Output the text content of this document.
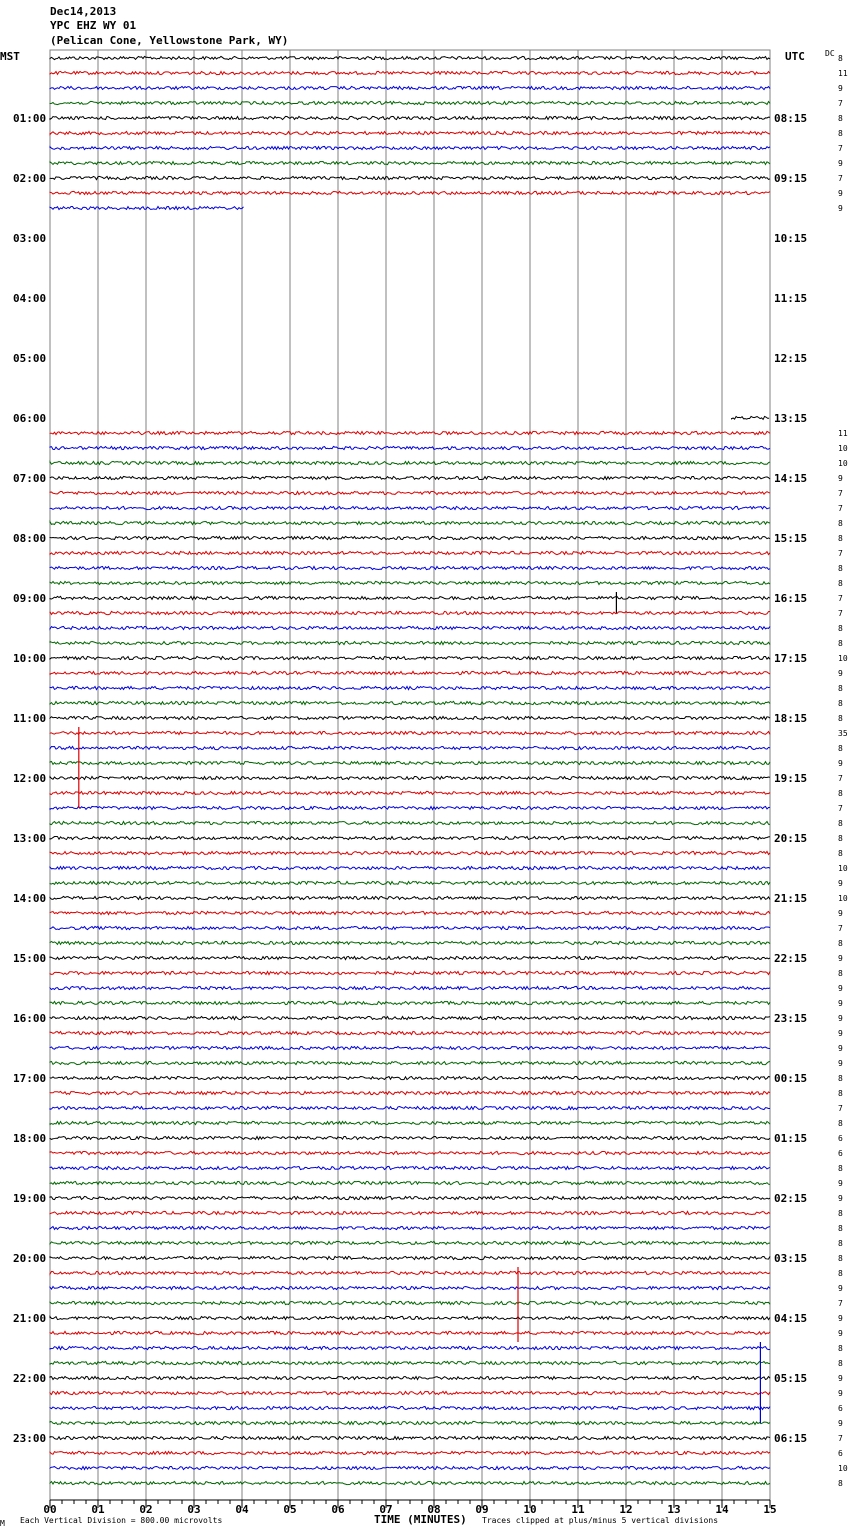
Dec14,2013
YPC EHZ WY 01
(Pelican Cone, Yellowstone Park, WY)
MST	UTC	DC
8
11
9
7
8
8
7
9
7
9
9
11
10
10
9
7
7
8
8
7
8
8
7
7
8
8
10
9
8
8
8
35
8
9
7
8
7
8
8
8
10
9
10
9
7
8
9
8
9
9
9
9
9
9
8
8
7
8
6
6
8
9
9
8
8
8
8
8
9
7
9
9
8
8
9
9
6
9
7
6
10
8
01:00	08:15
02:00	09:15
03:00	10:15
04:00	11:15
05:00	12:15
06:00	13:15
07:00	14:15
08:00	15:15
09:00	16:15
10:00	17:15
11:00	18:15
12:00	19:15
13:00	20:15
14:00	21:15
15:00	22:15
16:00	23:15
17:00	00:15
18:00	01:15
19:00	02:15
20:00	03:15
21:00	04:15
22:00	05:15
23:00	06:15
00	01	02	03	04	05	06	07	08	09	10	11	12	13	14	15
M Each Vertical Division = 800.00 microvolts	TIME (MINUTES) Traces clipped at plus/minus 5 vertical divisions
